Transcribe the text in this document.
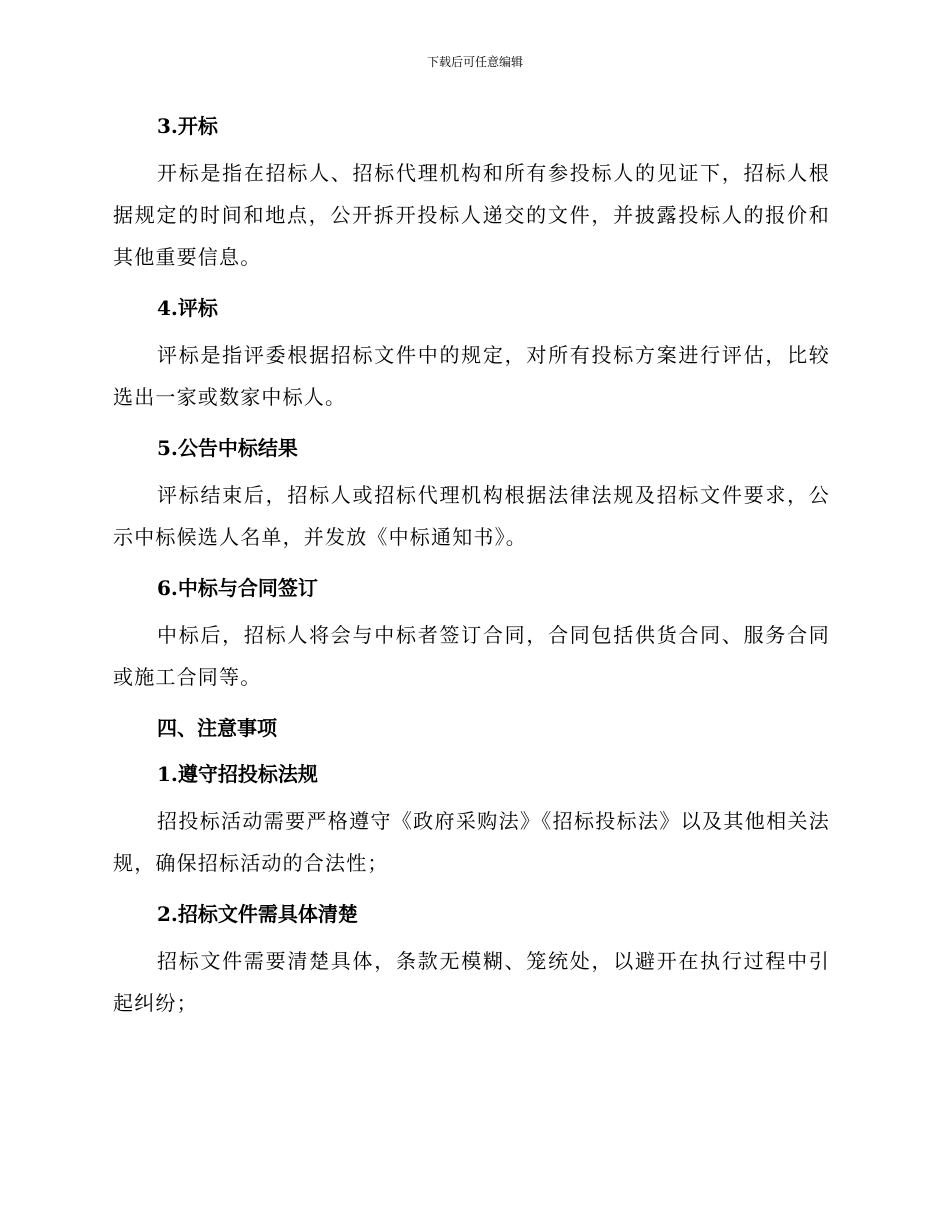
下载后可任意编辑
3.开标

开标是指在招标人、招标代理机构和所有参投标人的见证下，招标人根据规定的时间和地点，公开拆开投标人递交的文件，并披露投标人的报价和其他重要信息。

4.评标

评标是指评委根据招标文件中的规定，对所有投标方案进行评估，比较选出一家或数家中标人。

5.公告中标结果

评标结束后，招标人或招标代理机构根据法律法规及招标文件要求，公示中标候选人名单，并发放《中标通知书》。

6.中标与合同签订

中标后，招标人将会与中标者签订合同，合同包括供货合同、服务合同或施工合同等。

四、注意事项
1.遵守招投标法规

招投标活动需要严格遵守《政府采购法》《招标投标法》以及其他相关法规，确保招标活动的合法性；

2.招标文件需具体清楚

招标文件需要清楚具体，条款无模糊、笼统处，以避开在执行过程中引起纠纷；
